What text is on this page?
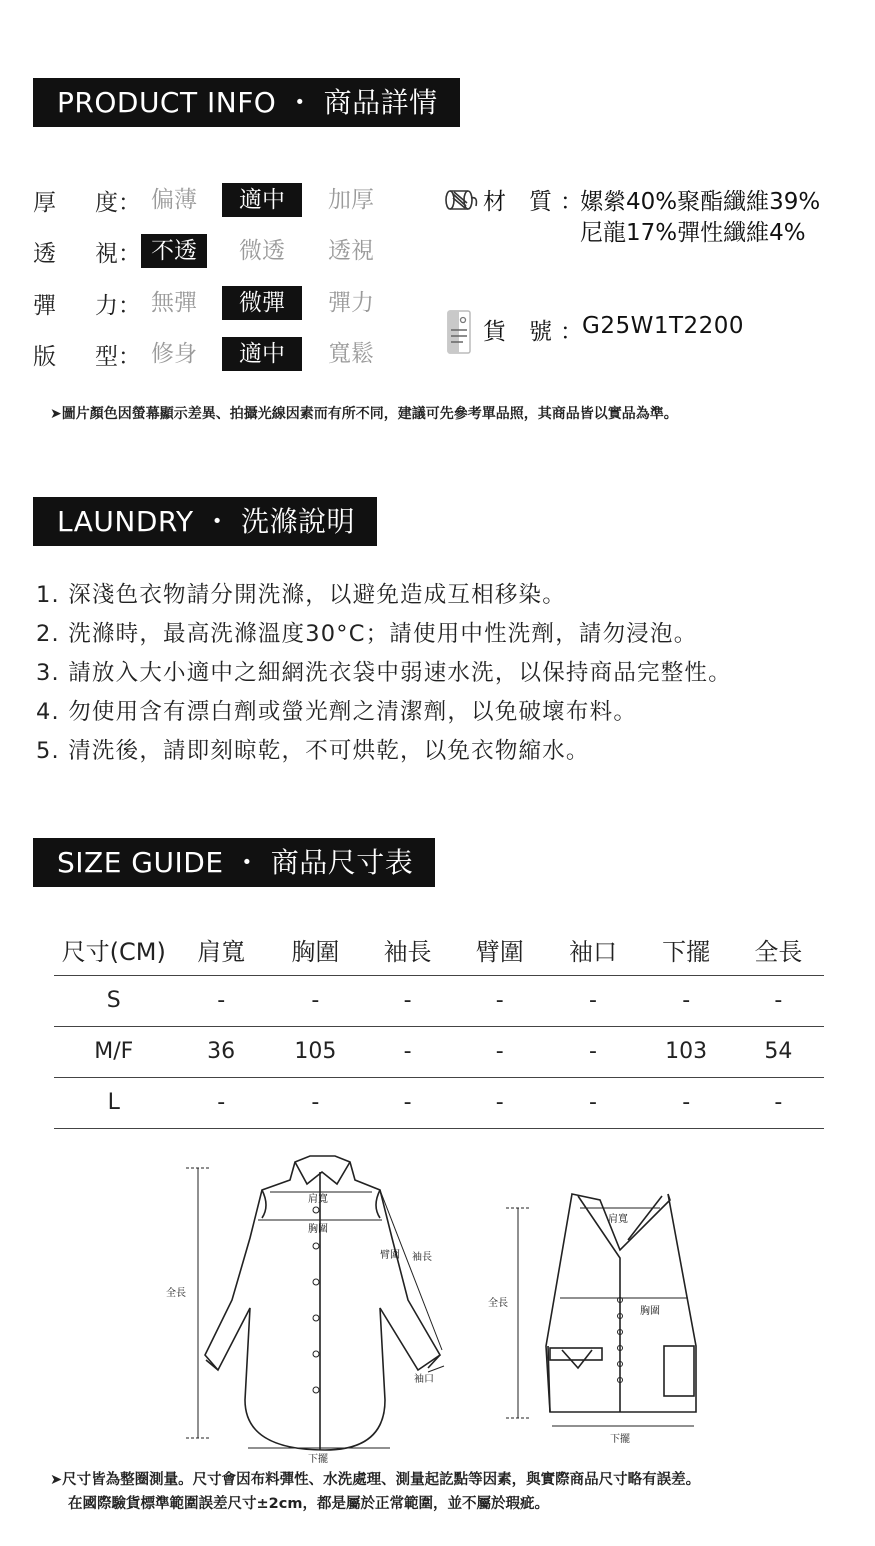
PRODUCT INFO ・ 商品詳情
厚 度： 偏薄	適中	加厚
透 視： 不透	微透	透視
彈 力： 無彈	微彈	彈力
版 型： 修身	適中	寬鬆
材　質 ：
嫘縈40%聚酯纖維39%
尼龍17%彈性纖維4%
貨　號 ： G25W1T2200
➤圖片顏色因螢幕顯示差異、拍攝光線因素而有所不同，建議可先參考單品照，其商品皆以實品為準。
LAUNDRY ・ 洗滌說明
1. 深淺色衣物請分開洗滌，以避免造成互相移染。
2. 洗滌時，最高洗滌溫度30°C；請使用中性洗劑，請勿浸泡。
3. 請放入大小適中之細網洗衣袋中弱速水洗，以保持商品完整性。
4. 勿使用含有漂白劑或螢光劑之清潔劑，以免破壞布料。
5. 清洗後，請即刻晾乾，不可烘乾，以免衣物縮水。
SIZE GUIDE ・ 商品尺寸表
尺寸(CM)	肩寬	胸圍	袖長	臂圍	袖口	下擺	全長
S	-	-	-	-	-	-	-
M/F	36	105	-	-	-	103	54
L	-	-	-	-	-	-	-
肩寬
胸圍
臂圍 袖長
全長
袖口
下擺
肩寬
胸圍
全長
下擺
➤尺寸皆為整圈測量。尺寸會因布料彈性、水洗處理、測量起訖點等因素，與實際商品尺寸略有誤差。
在國際驗貨標準範圍誤差尺寸±2cm，都是屬於正常範圍，並不屬於瑕疵。
